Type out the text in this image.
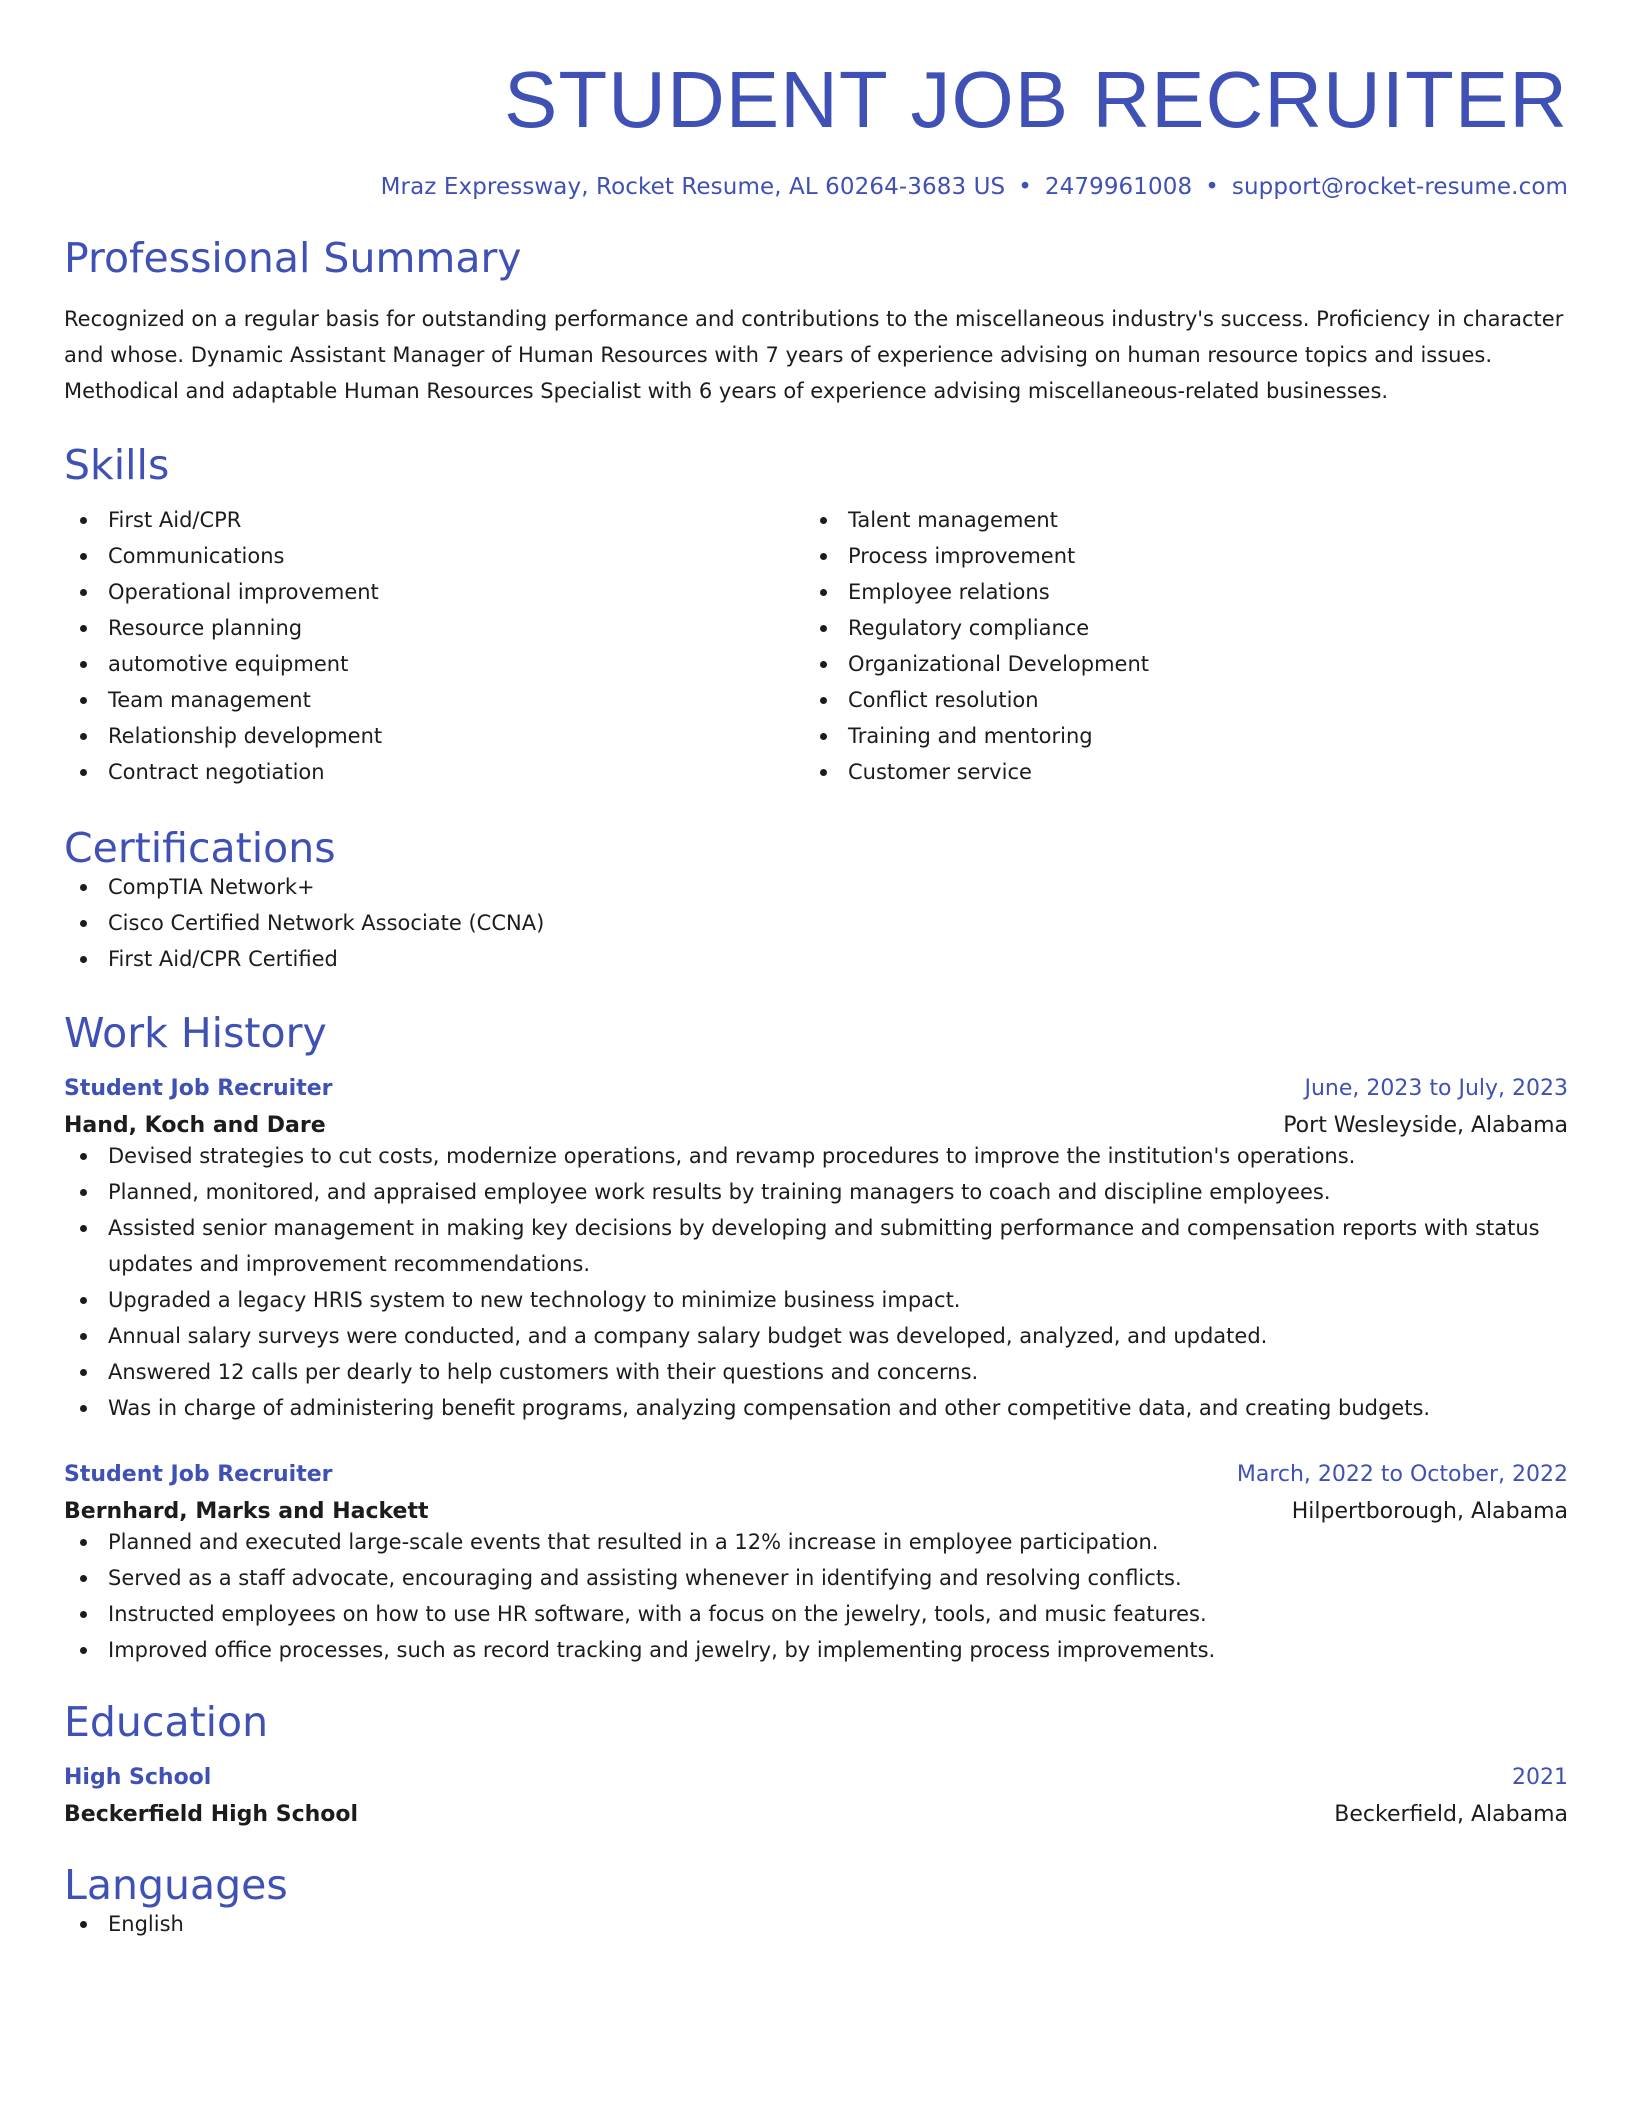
STUDENT JOB RECRUITER
Mraz Expressway, Rocket Resume, AL 60264-3683 US • 2479961008 • support@rocket-resume.com
Professional Summary

Recognized on a regular basis for outstanding performance and contributions to the miscellaneous industry's success. Proficiency in character and whose. Dynamic Assistant Manager of Human Resources with 7 years of experience advising on human resource topics and issues. Methodical and adaptable Human Resources Specialist with 6 years of experience advising miscellaneous-related businesses.

Skills
First Aid/CPR
Communications
Operational improvement
Resource planning
automotive equipment
Team management
Relationship development
Contract negotiation
Talent management
Process improvement
Employee relations
Regulatory compliance
Organizational Development
Conflict resolution
Training and mentoring
Customer service
Certifications
CompTIA Network+
Cisco Certified Network Associate (CCNA)
First Aid/CPR Certified
Work History
Student Job Recruiter	June, 2023 to July, 2023
Hand, Koch and Dare	Port Wesleyside, Alabama
Devised strategies to cut costs, modernize operations, and revamp procedures to improve the institution's operations.
Planned, monitored, and appraised employee work results by training managers to coach and discipline employees.
Assisted senior management in making key decisions by developing and submitting performance and compensation reports with status updates and improvement recommendations.
Upgraded a legacy HRIS system to new technology to minimize business impact.
Annual salary surveys were conducted, and a company salary budget was developed, analyzed, and updated.
Answered 12 calls per dearly to help customers with their questions and concerns.
Was in charge of administering benefit programs, analyzing compensation and other competitive data, and creating budgets.
Student Job Recruiter	March, 2022 to October, 2022
Bernhard, Marks and Hackett	Hilpertborough, Alabama
Planned and executed large-scale events that resulted in a 12% increase in employee participation.
Served as a staff advocate, encouraging and assisting whenever in identifying and resolving conflicts.
Instructed employees on how to use HR software, with a focus on the jewelry, tools, and music features.
Improved office processes, such as record tracking and jewelry, by implementing process improvements.
Education
High School	2021
Beckerfield High School	Beckerfield, Alabama
Languages
English
